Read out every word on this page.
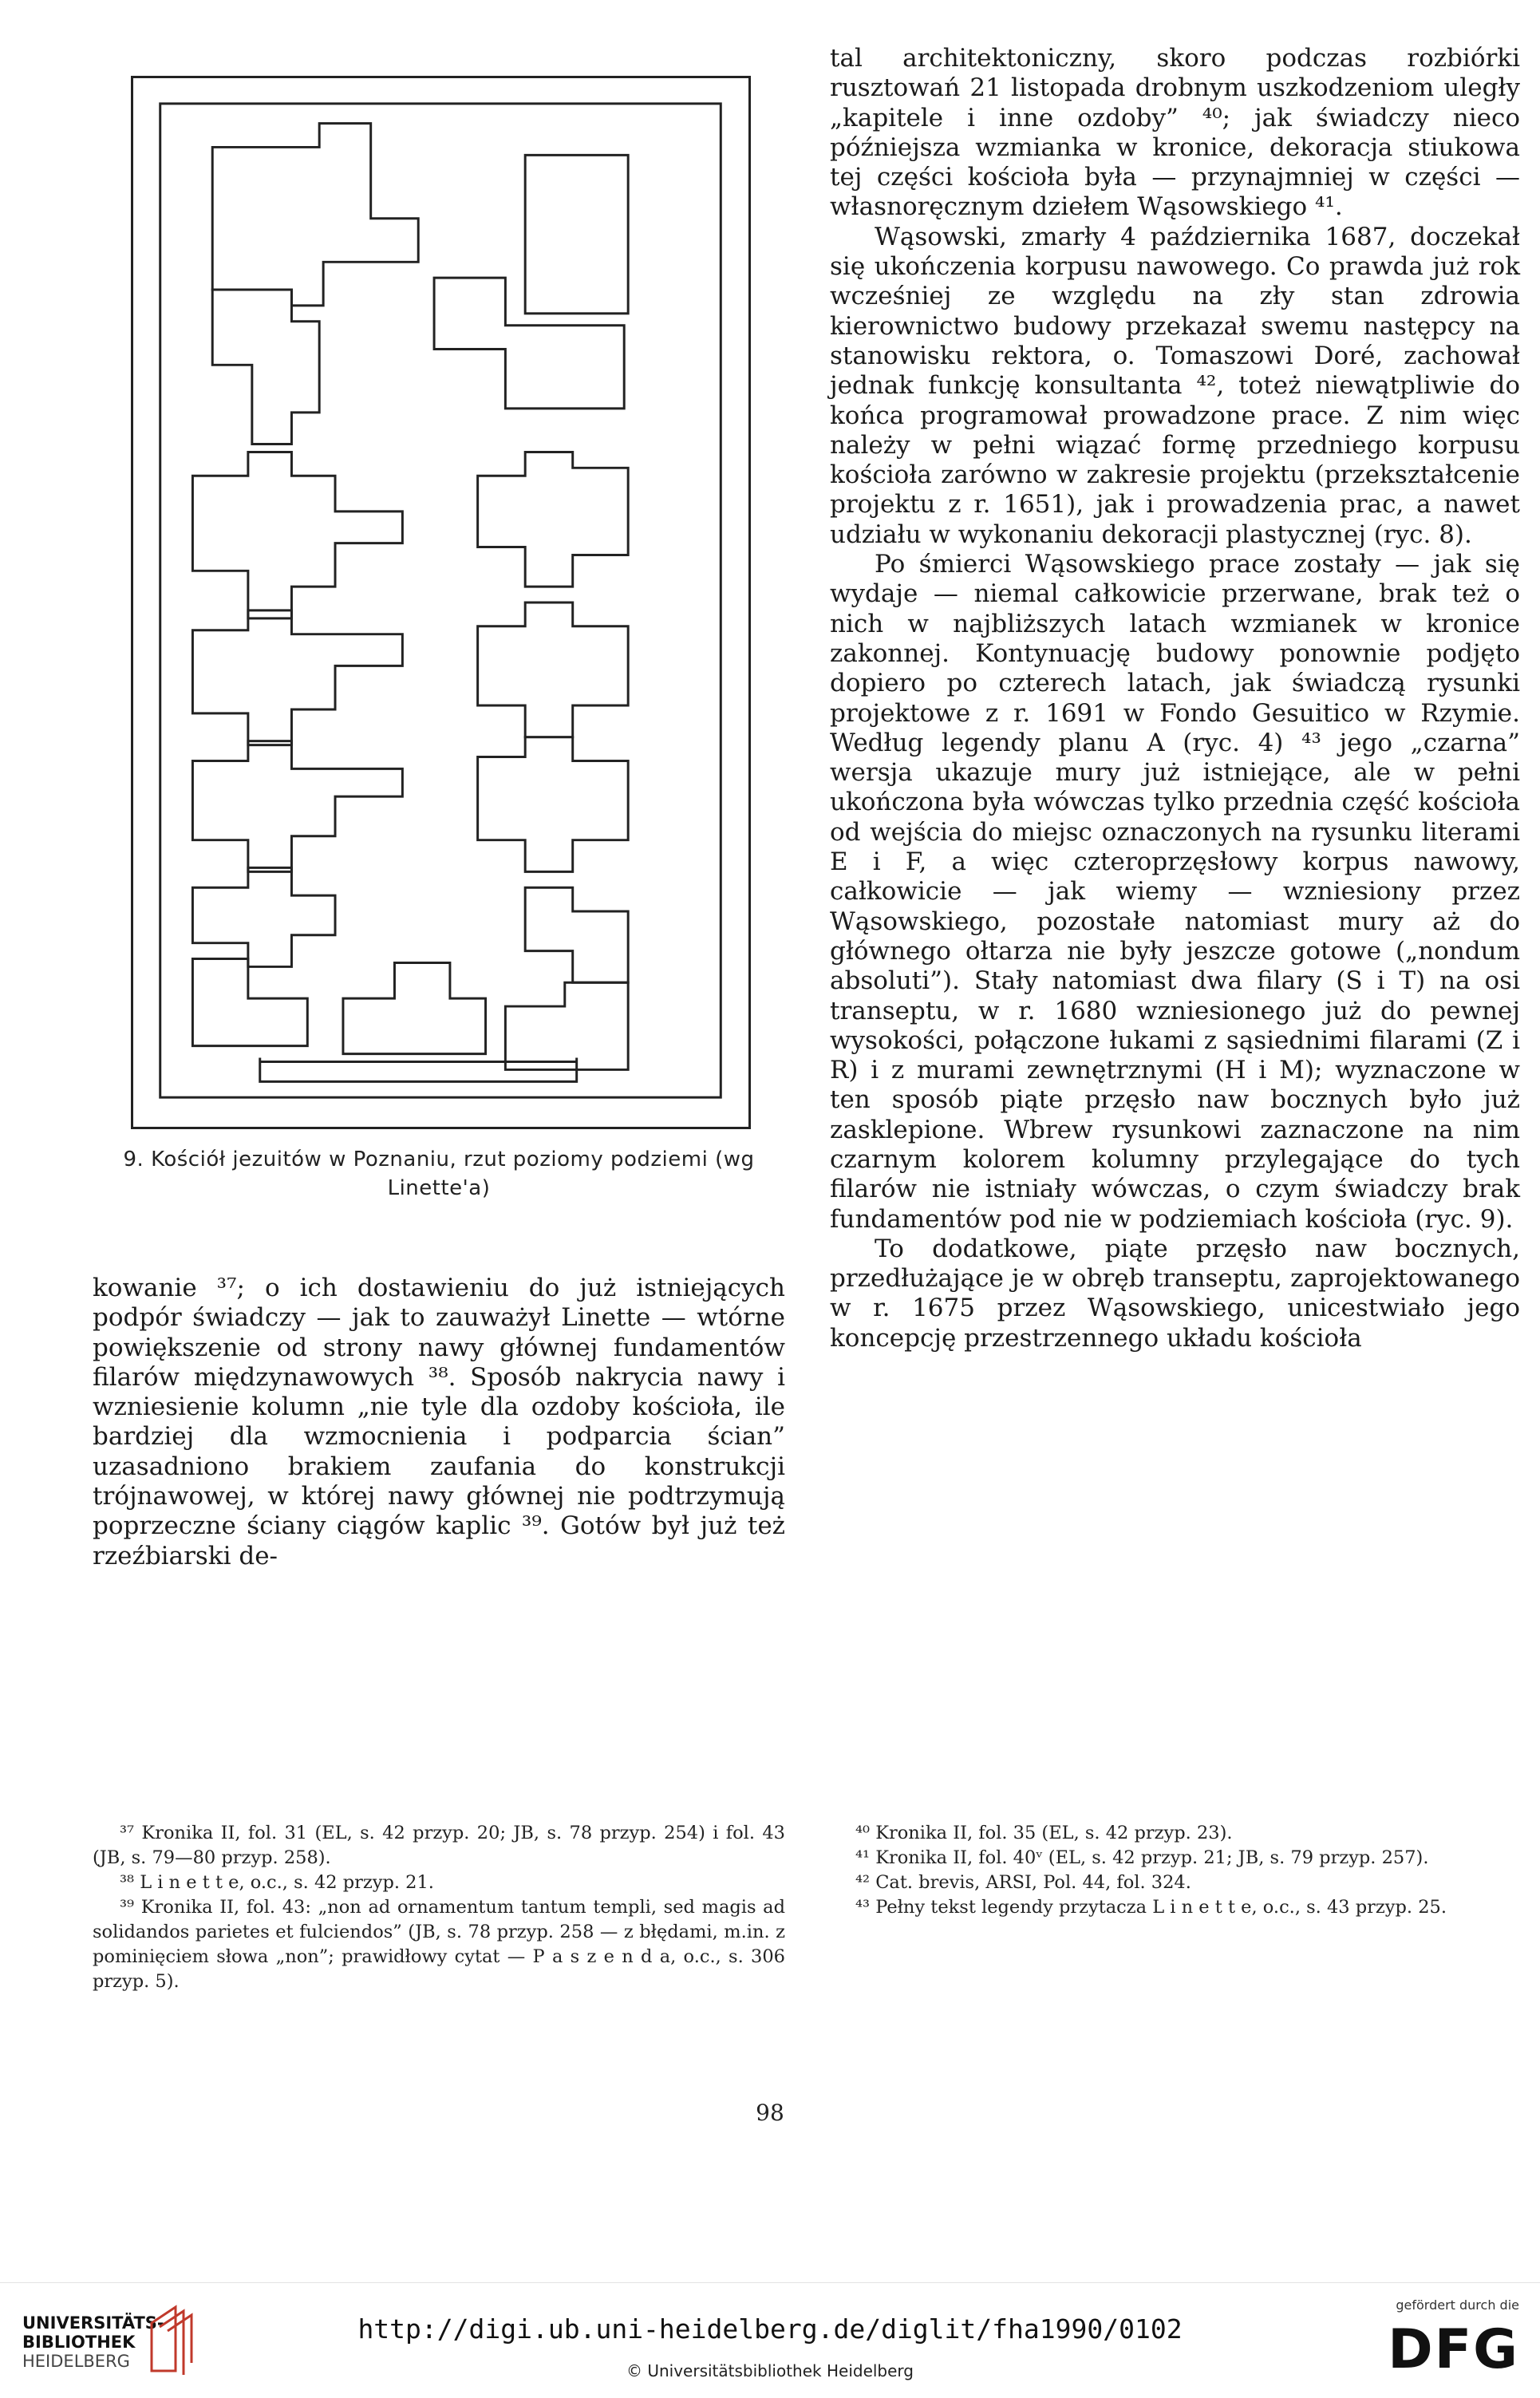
9. Kościół jezuitów w Poznaniu, rzut poziomy podziemi (wg Linette'a)

kowanie ³⁷; o ich dostawieniu do już istniejących podpór świadczy — jak to zauważył Linette — wtórne powiększenie od strony nawy głównej fundamentów filarów międzynawowych ³⁸. Sposób nakrycia nawy i wzniesienie kolumn „nie tyle dla ozdoby kościoła, ile bardziej dla wzmocnienia i podparcia ścian” uzasadniono brakiem zaufania do konstrukcji trójnawowej, w której nawy głównej nie podtrzymują poprzeczne ściany ciągów kaplic ³⁹. Gotów był już też rzeźbiarski de-

tal architektoniczny, skoro podczas rozbiórki rusztowań 21 listopada drobnym uszkodzeniom uległy „kapitele i inne ozdoby” ⁴⁰; jak świadczy nieco późniejsza wzmianka w kronice, dekoracja stiukowa tej części kościoła była — przynajmniej w części — własnoręcznym dziełem Wąsowskiego ⁴¹.

Wąsowski, zmarły 4 października 1687, doczekał się ukończenia korpusu nawowego. Co prawda już rok wcześniej ze względu na zły stan zdrowia kierownictwo budowy przekazał swemu następcy na stanowisku rektora, o. Tomaszowi Doré, zachował jednak funkcję konsultanta ⁴², toteż niewątpliwie do końca programował prowadzone prace. Z nim więc należy w pełni wiązać formę przedniego korpusu kościoła zarówno w zakresie projektu (przekształcenie projektu z r. 1651), jak i prowadzenia prac, a nawet udziału w wykonaniu dekoracji plastycznej (ryc. 8).

Po śmierci Wąsowskiego prace zostały — jak się wydaje — niemal całkowicie przerwane, brak też o nich w najbliższych latach wzmianek w kronice zakonnej. Kontynuację budowy ponownie podjęto dopiero po czterech latach, jak świadczą rysunki projektowe z r. 1691 w Fondo Gesuitico w Rzymie. Według legendy planu A (ryc. 4) ⁴³ jego „czarna” wersja ukazuje mury już istniejące, ale w pełni ukończona była wówczas tylko przednia część kościoła od wejścia do miejsc oznaczonych na rysunku literami E i F, a więc czteroprzęsłowy korpus nawowy, całkowicie — jak wiemy — wzniesiony przez Wąsowskiego, pozostałe natomiast mury aż do głównego ołtarza nie były jeszcze gotowe („nondum absoluti”). Stały natomiast dwa filary (S i T) na osi transeptu, w r. 1680 wzniesionego już do pewnej wysokości, połączone łukami z sąsiednimi filarami (Z i R) i z murami zewnętrznymi (H i M); wyznaczone w ten sposób piąte przęsło naw bocznych było już zasklepione. Wbrew rysunkowi zaznaczone na nim czarnym kolorem kolumny przylegające do tych filarów nie istniały wówczas, o czym świadczy brak fundamentów pod nie w podziemiach kościoła (ryc. 9).

To dodatkowe, piąte przęsło naw bocznych, przedłużające je w obręb transeptu, zaprojektowanego w r. 1675 przez Wąsowskiego, unicestwiało jego koncepcję przestrzennego układu kościoła

³⁷ Kronika II, fol. 31 (EL, s. 42 przyp. 20; JB, s. 78 przyp. 254) i fol. 43 (JB, s. 79—80 przyp. 258).

³⁸ L i n e t t e, o.c., s. 42 przyp. 21.

³⁹ Kronika II, fol. 43: „non ad ornamentum tantum templi, sed magis ad solidandos parietes et fulciendos” (JB, s. 78 przyp. 258 — z błędami, m.in. z pominięciem słowa „non”; prawidłowy cytat — P a s z e n d a, o.c., s. 306 przyp. 5).

⁴⁰ Kronika II, fol. 35 (EL, s. 42 przyp. 23).

⁴¹ Kronika II, fol. 40ᵛ (EL, s. 42 przyp. 21; JB, s. 79 przyp. 257).

⁴² Cat. brevis, ARSI, Pol. 44, fol. 324.

⁴³ Pełny tekst legendy przytacza L i n e t t e, o.c., s. 43 przyp. 25.

98
UNIVERSITÄTS-
BIBLIOTHEK
HEIDELBERG
http://digi.ub.uni-heidelberg.de/diglit/fha1990/0102
© Universitätsbibliothek Heidelberg
gefördert durch die
DFG
